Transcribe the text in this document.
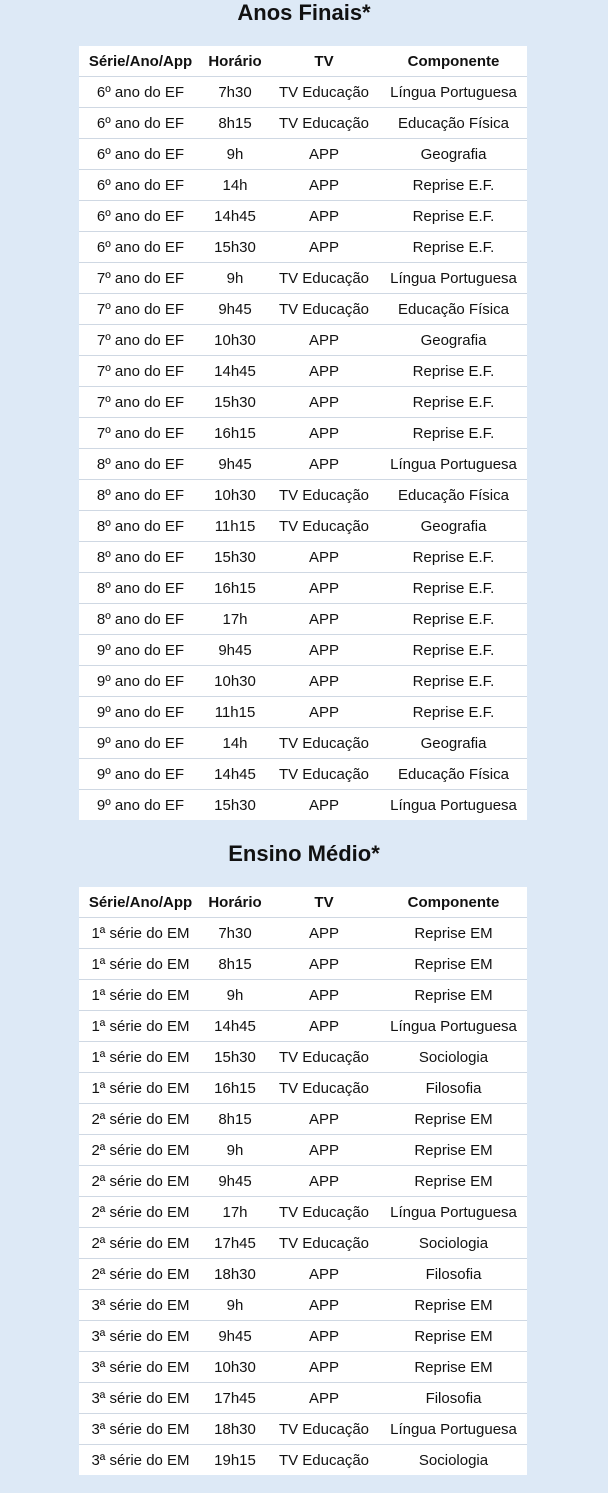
Anos Finais*
Série/Ano/App	Horário	TV	Componente
6º ano do EF	7h30	TV Educação	Língua Portuguesa
6º ano do EF	8h15	TV Educação	Educação Física
6º ano do EF	9h	APP	Geografia
6º ano do EF	14h	APP	Reprise E.F.
6º ano do EF	14h45	APP	Reprise E.F.
6º ano do EF	15h30	APP	Reprise E.F.
7º ano do EF	9h	TV Educação	Língua Portuguesa
7º ano do EF	9h45	TV Educação	Educação Física
7º ano do EF	10h30	APP	Geografia
7º ano do EF	14h45	APP	Reprise E.F.
7º ano do EF	15h30	APP	Reprise E.F.
7º ano do EF	16h15	APP	Reprise E.F.
8º ano do EF	9h45	APP	Língua Portuguesa
8º ano do EF	10h30	TV Educação	Educação Física
8º ano do EF	11h15	TV Educação	Geografia
8º ano do EF	15h30	APP	Reprise E.F.
8º ano do EF	16h15	APP	Reprise E.F.
8º ano do EF	17h	APP	Reprise E.F.
9º ano do EF	9h45	APP	Reprise E.F.
9º ano do EF	10h30	APP	Reprise E.F.
9º ano do EF	11h15	APP	Reprise E.F.
9º ano do EF	14h	TV Educação	Geografia
9º ano do EF	14h45	TV Educação	Educação Física
9º ano do EF	15h30	APP	Língua Portuguesa
Ensino Médio*
Série/Ano/App	Horário	TV	Componente
1ª série do EM	7h30	APP	Reprise EM
1ª série do EM	8h15	APP	Reprise EM
1ª série do EM	9h	APP	Reprise EM
1ª série do EM	14h45	APP	Língua Portuguesa
1ª série do EM	15h30	TV Educação	Sociologia
1ª série do EM	16h15	TV Educação	Filosofia
2ª série do EM	8h15	APP	Reprise EM
2ª série do EM	9h	APP	Reprise EM
2ª série do EM	9h45	APP	Reprise EM
2ª série do EM	17h	TV Educação	Língua Portuguesa
2ª série do EM	17h45	TV Educação	Sociologia
2ª série do EM	18h30	APP	Filosofia
3ª série do EM	9h	APP	Reprise EM
3ª série do EM	9h45	APP	Reprise EM
3ª série do EM	10h30	APP	Reprise EM
3ª série do EM	17h45	APP	Filosofia
3ª série do EM	18h30	TV Educação	Língua Portuguesa
3ª série do EM	19h15	TV Educação	Sociologia
